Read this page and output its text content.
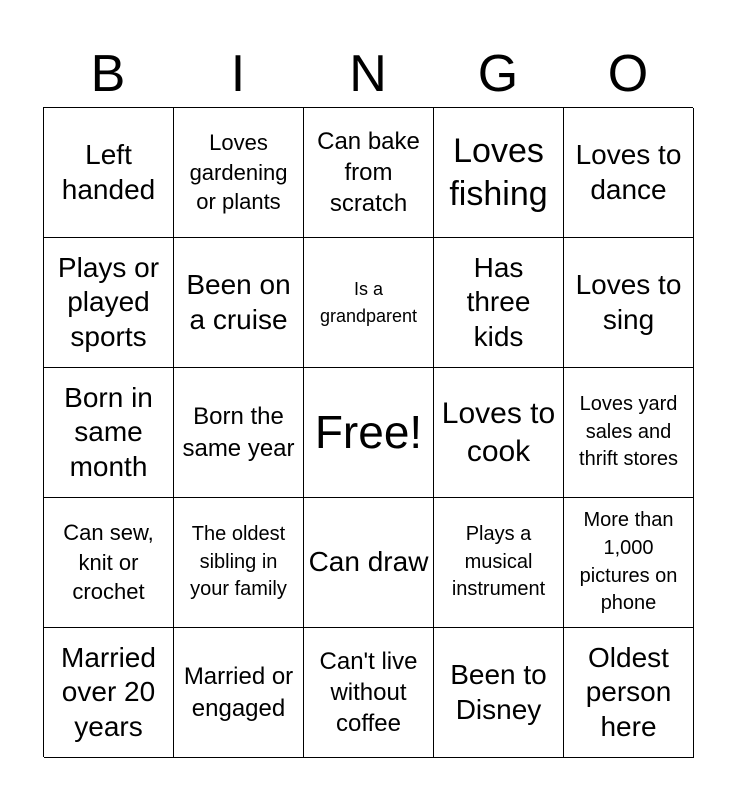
B	I	N	G	O
Left handed
Loves gardening or plants
Can bake from scratch
Loves fishing
Loves to dance
Plays or played sports
Been on a cruise
Is a grandparent
Has three kids
Loves to sing
Born in same month
Born the same year Free! Loves to cook
Loves yard sales and thrift stores
Can sew, knit or crochet
The oldest sibling in your family
Can draw
Plays a musical instrument
More than 1,000 pictures on phone
Married over 20 years
Married or engaged
Can't live without coffee
Been to Disney
Oldest person here
